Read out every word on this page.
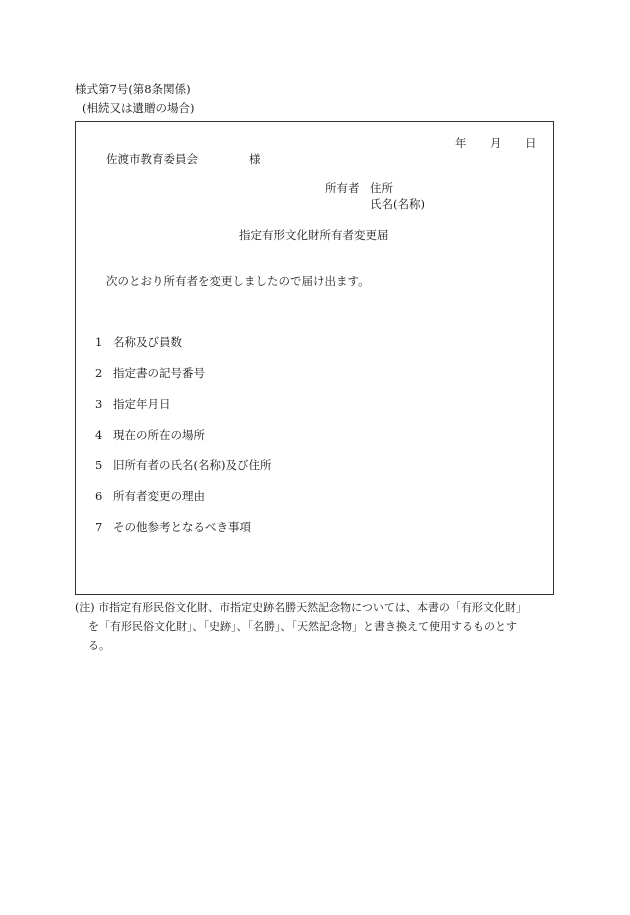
様式第7号(第8条関係)
(相続又は遺贈の場合)
年 月 日
佐渡市教育委員会	様
所有者 住所
氏名(名称)
指定有形文化財所有者変更届
次のとおり所有者を変更しましたので届け出ます。
1 名称及び員数
2 指定書の記号番号
3 指定年月日
4 現在の所在の場所
5 旧所有者の氏名(名称)及び住所
6 所有者変更の理由
7 その他参考となるべき事項
(注) 市指定有形民俗文化財、市指定史跡名勝天然記念物については、本書の「有形文化財」
を「有形民俗文化財」、「史跡」、「名勝」、「天然記念物」と書き換えて使用するものとす
る。
